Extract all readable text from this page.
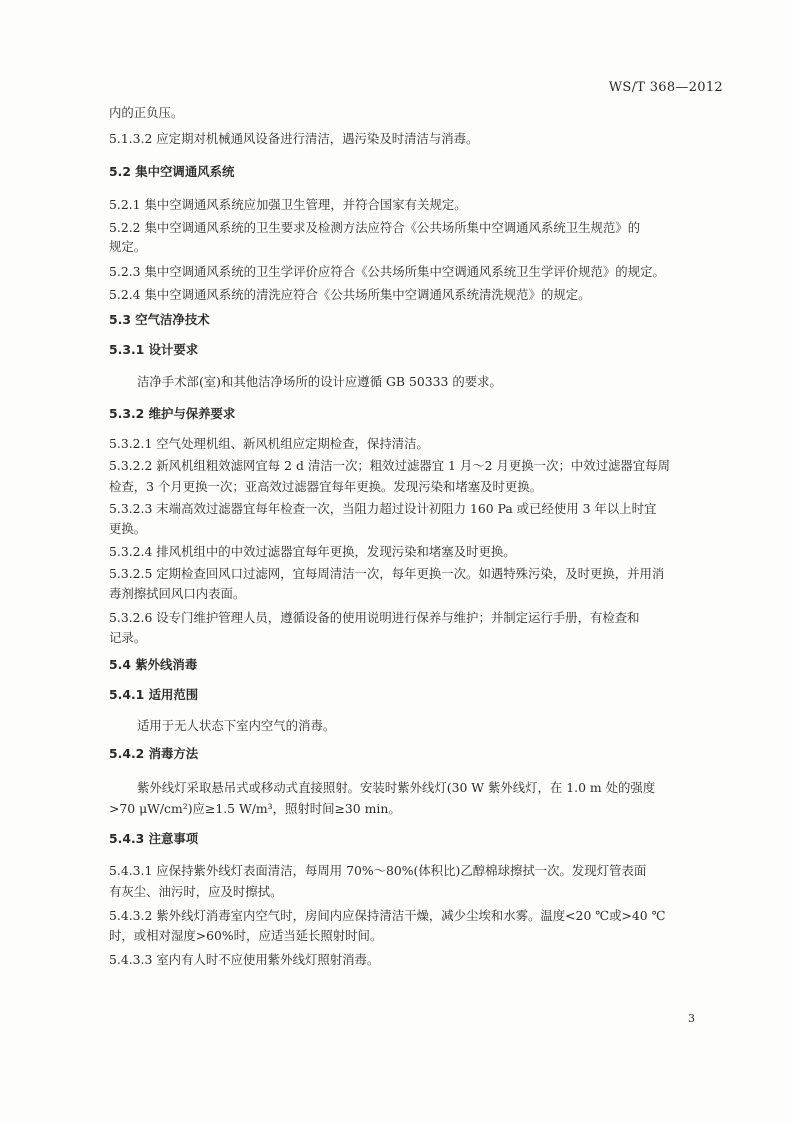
WS/T 368—2012
内的正负压。
5.1.3.2 应定期对机械通风设备进行清洁，遇污染及时清洁与消毒。
5.2 集中空调通风系统
5.2.1 集中空调通风系统应加强卫生管理，并符合国家有关规定。
5.2.2 集中空调通风系统的卫生要求及检测方法应符合《公共场所集中空调通风系统卫生规范》的
规定。
5.2.3 集中空调通风系统的卫生学评价应符合《公共场所集中空调通风系统卫生学评价规范》的规定。
5.2.4 集中空调通风系统的清洗应符合《公共场所集中空调通风系统清洗规范》的规定。
5.3 空气洁净技术
5.3.1 设计要求
洁净手术部(室)和其他洁净场所的设计应遵循 GB 50333 的要求。
5.3.2 维护与保养要求
5.3.2.1 空气处理机组、新风机组应定期检查，保持清洁。
5.3.2.2 新风机组粗效滤网宜每 2 d 清洁一次；粗效过滤器宜 1 月～2 月更换一次；中效过滤器宜每周
检查，3 个月更换一次；亚高效过滤器宜每年更换。发现污染和堵塞及时更换。
5.3.2.3 末端高效过滤器宜每年检查一次，当阻力超过设计初阻力 160 Pa 或已经使用 3 年以上时宜
更换。
5.3.2.4 排风机组中的中效过滤器宜每年更换，发现污染和堵塞及时更换。
5.3.2.5 定期检查回风口过滤网，宜每周清洁一次，每年更换一次。如遇特殊污染，及时更换，并用消
毒剂擦拭回风口内表面。
5.3.2.6 设专门维护管理人员，遵循设备的使用说明进行保养与维护；并制定运行手册，有检查和
记录。
5.4 紫外线消毒
5.4.1 适用范围
适用于无人状态下室内空气的消毒。
5.4.2 消毒方法
紫外线灯采取悬吊式或移动式直接照射。安装时紫外线灯(30 W 紫外线灯，在 1.0 m 处的强度
>70 μW/cm²)应≥1.5 W/m³，照射时间≥30 min。
5.4.3 注意事项
5.4.3.1 应保持紫外线灯表面清洁，每周用 70%～80%(体积比)乙醇棉球擦拭一次。发现灯管表面
有灰尘、油污时，应及时擦拭。
5.4.3.2 紫外线灯消毒室内空气时，房间内应保持清洁干燥，减少尘埃和水雾。温度<20 ℃或>40 ℃
时，或相对湿度>60%时，应适当延长照射时间。
5.4.3.3 室内有人时不应使用紫外线灯照射消毒。
3
